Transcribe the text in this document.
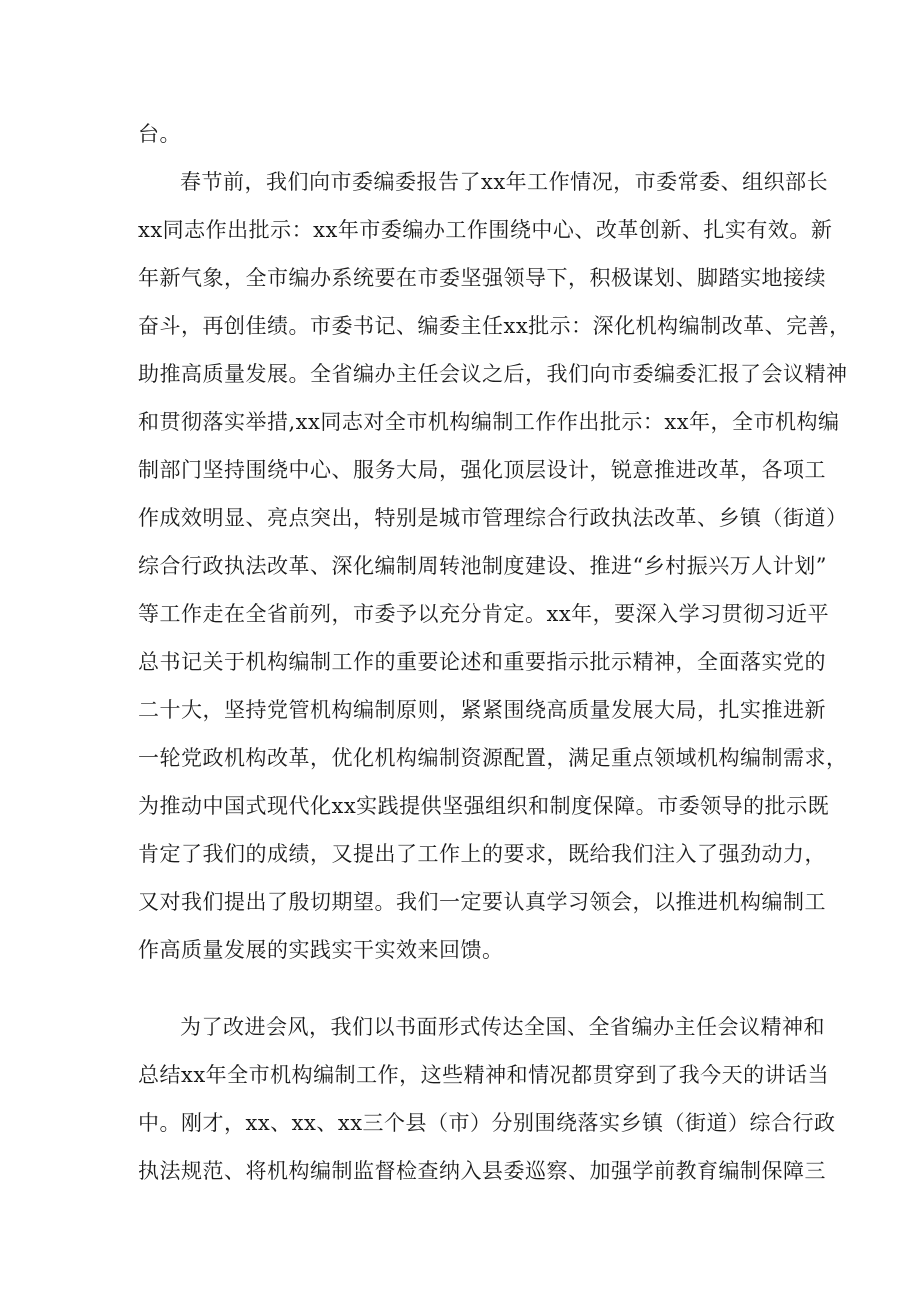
台。

春节前，我们向市委编委报告了xx年工作情况，市委常委、组织部长

xx同志作出批示：xx年市委编办工作围绕中心、改革创新、扎实有效。新

年新气象，全市编办系统要在市委坚强领导下，积极谋划、脚踏实地接续

奋斗，再创佳绩。市委书记、编委主任xx批示：深化机构编制改革、完善，

助推高质量发展。全省编办主任会议之后，我们向市委编委汇报了会议精神

和贯彻落实举措,xx同志对全市机构编制工作作出批示：xx年，全市机构编

制部门坚持围绕中心、服务大局，强化顶层设计，锐意推进改革，各项工

作成效明显、亮点突出，特别是城市管理综合行政执法改革、乡镇（街道）

综合行政执法改革、深化编制周转池制度建设、推进“乡村振兴万人计划”

等工作走在全省前列，市委予以充分肯定。xx年，要深入学习贯彻习近平

总书记关于机构编制工作的重要论述和重要指示批示精神，全面落实党的

二十大，坚持党管机构编制原则，紧紧围绕高质量发展大局，扎实推进新

一轮党政机构改革，优化机构编制资源配置，满足重点领域机构编制需求，

为推动中国式现代化xx实践提供坚强组织和制度保障。市委领导的批示既

肯定了我们的成绩，又提出了工作上的要求，既给我们注入了强劲动力，

又对我们提出了殷切期望。我们一定要认真学习领会，以推进机构编制工

作高质量发展的实践实干实效来回馈。

为了改进会风，我们以书面形式传达全国、全省编办主任会议精神和

总结xx年全市机构编制工作，这些精神和情况都贯穿到了我今天的讲话当

中。刚才，xx、xx、xx三个县（市）分别围绕落实乡镇（街道）综合行政

执法规范、将机构编制监督检查纳入县委巡察、加强学前教育编制保障三
